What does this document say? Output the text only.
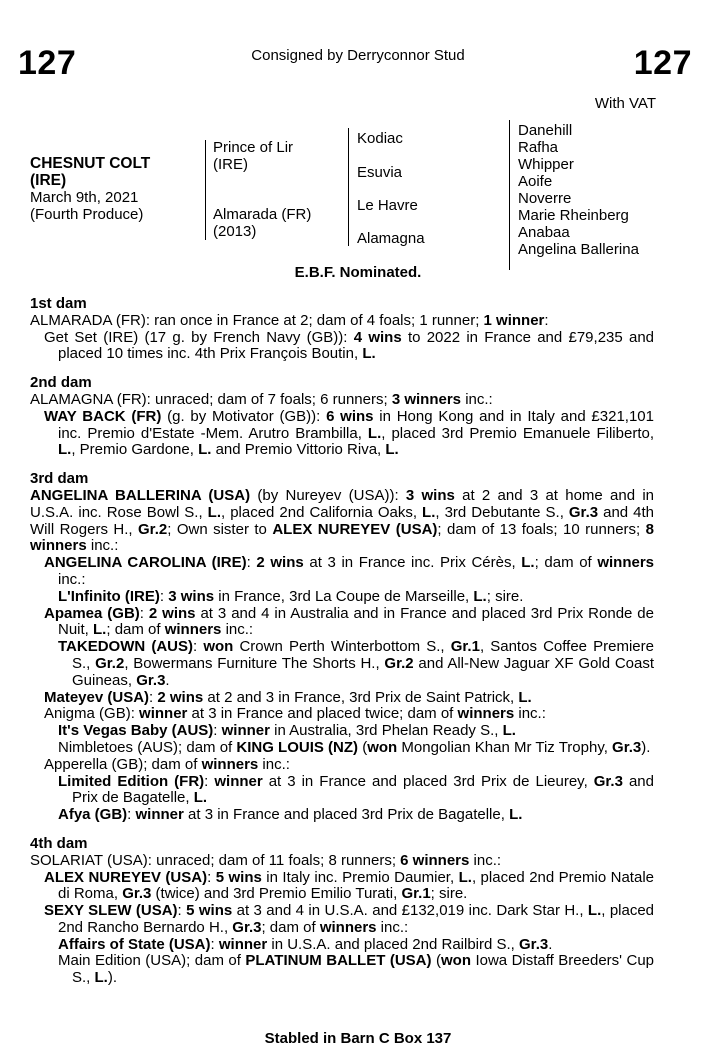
127	Consigned by Derryconnor Stud	127
With VAT
CHESNUT COLT
(IRE)
March 9th, 2021
(Fourth Produce)
Prince of Lir
(IRE)
Almarada (FR)
(2013)
Kodiac
Esuvia
Le Havre
Alamagna
Danehill
Rafha
Whipper
Aoife
Noverre
Marie Rheinberg
Anabaa
Angelina Ballerina
E.B.F. Nominated.
1st dam
ALMARADA (FR): ran once in France at 2; dam of 4 foals; 1 runner; 1 winner:
Get Set (IRE) (17 g. by French Navy (GB)): 4 wins to 2022 in France and £79,235 and placed 10 times inc. 4th Prix François Boutin, L.
2nd dam
ALAMAGNA (FR): unraced; dam of 7 foals; 6 runners; 3 winners inc.:
WAY BACK (FR) (g. by Motivator (GB)): 6 wins in Hong Kong and in Italy and £321,101 inc. Premio d'Estate -Mem. Arutro Brambilla, L., placed 3rd Premio Emanuele Filiberto, L., Premio Gardone, L. and Premio Vittorio Riva, L.
3rd dam
ANGELINA BALLERINA (USA) (by Nureyev (USA)): 3 wins at 2 and 3 at home and in U.S.A. inc. Rose Bowl S., L., placed 2nd California Oaks, L., 3rd Debutante S., Gr.3 and 4th Will Rogers H., Gr.2; Own sister to ALEX NUREYEV (USA); dam of 13 foals; 10 runners; 8 winners inc.:
ANGELINA CAROLINA (IRE): 2 wins at 3 in France inc. Prix Cérès, L.; dam of winners inc.:
L'Infinito (IRE): 3 wins in France, 3rd La Coupe de Marseille, L.; sire.
Apamea (GB): 2 wins at 3 and 4 in Australia and in France and placed 3rd Prix Ronde de Nuit, L.; dam of winners inc.:
TAKEDOWN (AUS): won Crown Perth Winterbottom S., Gr.1, Santos Coffee Premiere S., Gr.2, Bowermans Furniture The Shorts H., Gr.2 and All-New Jaguar XF Gold Coast Guineas, Gr.3.
Mateyev (USA): 2 wins at 2 and 3 in France, 3rd Prix de Saint Patrick, L.
Anigma (GB): winner at 3 in France and placed twice; dam of winners inc.:
It's Vegas Baby (AUS): winner in Australia, 3rd Phelan Ready S., L.
Nimbletoes (AUS); dam of KING LOUIS (NZ) (won Mongolian Khan Mr Tiz Trophy, Gr.3).
Apperella (GB); dam of winners inc.:
Limited Edition (FR): winner at 3 in France and placed 3rd Prix de Lieurey, Gr.3 and Prix de Bagatelle, L.
Afya (GB): winner at 3 in France and placed 3rd Prix de Bagatelle, L.
4th dam
SOLARIAT (USA): unraced; dam of 11 foals; 8 runners; 6 winners inc.:
ALEX NUREYEV (USA): 5 wins in Italy inc. Premio Daumier, L., placed 2nd Premio Natale di Roma, Gr.3 (twice) and 3rd Premio Emilio Turati, Gr.1; sire.
SEXY SLEW (USA): 5 wins at 3 and 4 in U.S.A. and £132,019 inc. Dark Star H., L., placed 2nd Rancho Bernardo H., Gr.3; dam of winners inc.:
Affairs of State (USA): winner in U.S.A. and placed 2nd Railbird S., Gr.3.
Main Edition (USA); dam of PLATINUM BALLET (USA) (won Iowa Distaff Breeders' Cup S., L.).
Stabled in Barn C Box 137
